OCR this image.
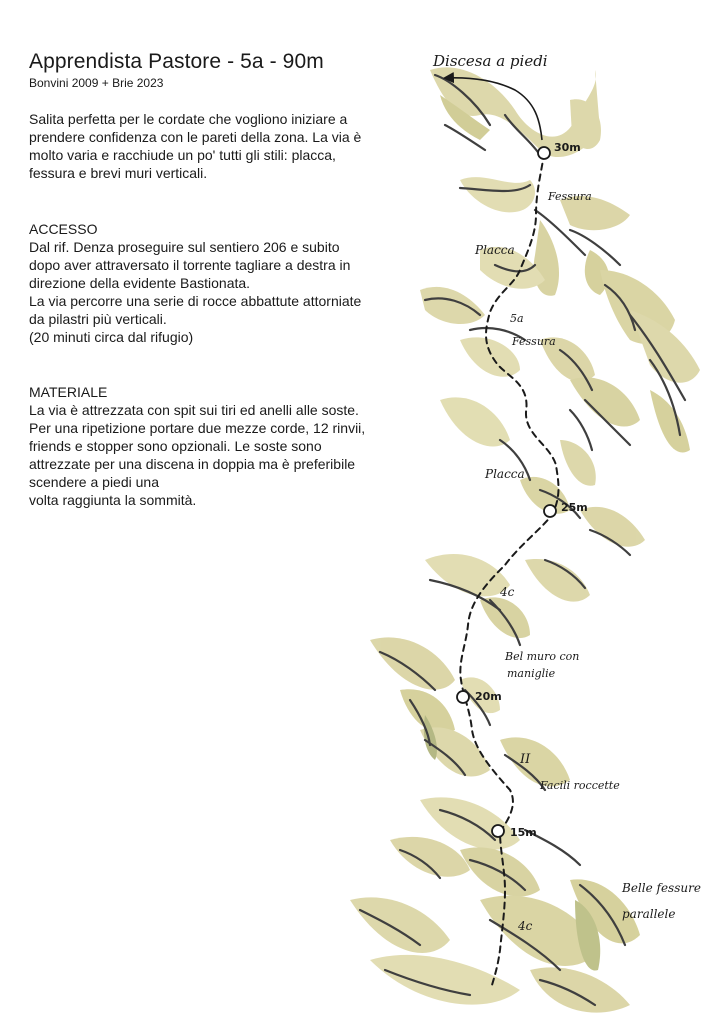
Apprendista Pastore - 5a - 90m
Bonvini 2009 + Brie 2023
Salita perfetta per le cordate che vogliono iniziare a
prendere confidenza con le pareti della zona. La via è
molto varia e racchiude un po' tutti gli stili: placca,
fessura e brevi muri verticali.
ACCESSO
Dal rif. Denza proseguire sul sentiero 206 e subito
dopo aver attraversato il torrente tagliare a destra in
direzione della evidente Bastionata.
La via percorre una serie di rocce abbattute attorniate
da pilastri più verticali.
(20 minuti circa dal rifugio)
MATERIALE
La via è attrezzata con spit sui tiri ed anelli alle soste.
Per una ripetizione portare due mezze corde, 12 rinvii,
friends e stopper sono opzionali. Le soste sono
attrezzate per una discena in doppia ma è preferibile
scendere a piedi una
volta raggiunta la sommità.
Discesa a piedi
30m
25m
20m
15m
Fessura
Placca
5a
Fessura
Placca
4c
Bel muro con
maniglie
II
Facili roccette
Belle fessure
parallele
4c
